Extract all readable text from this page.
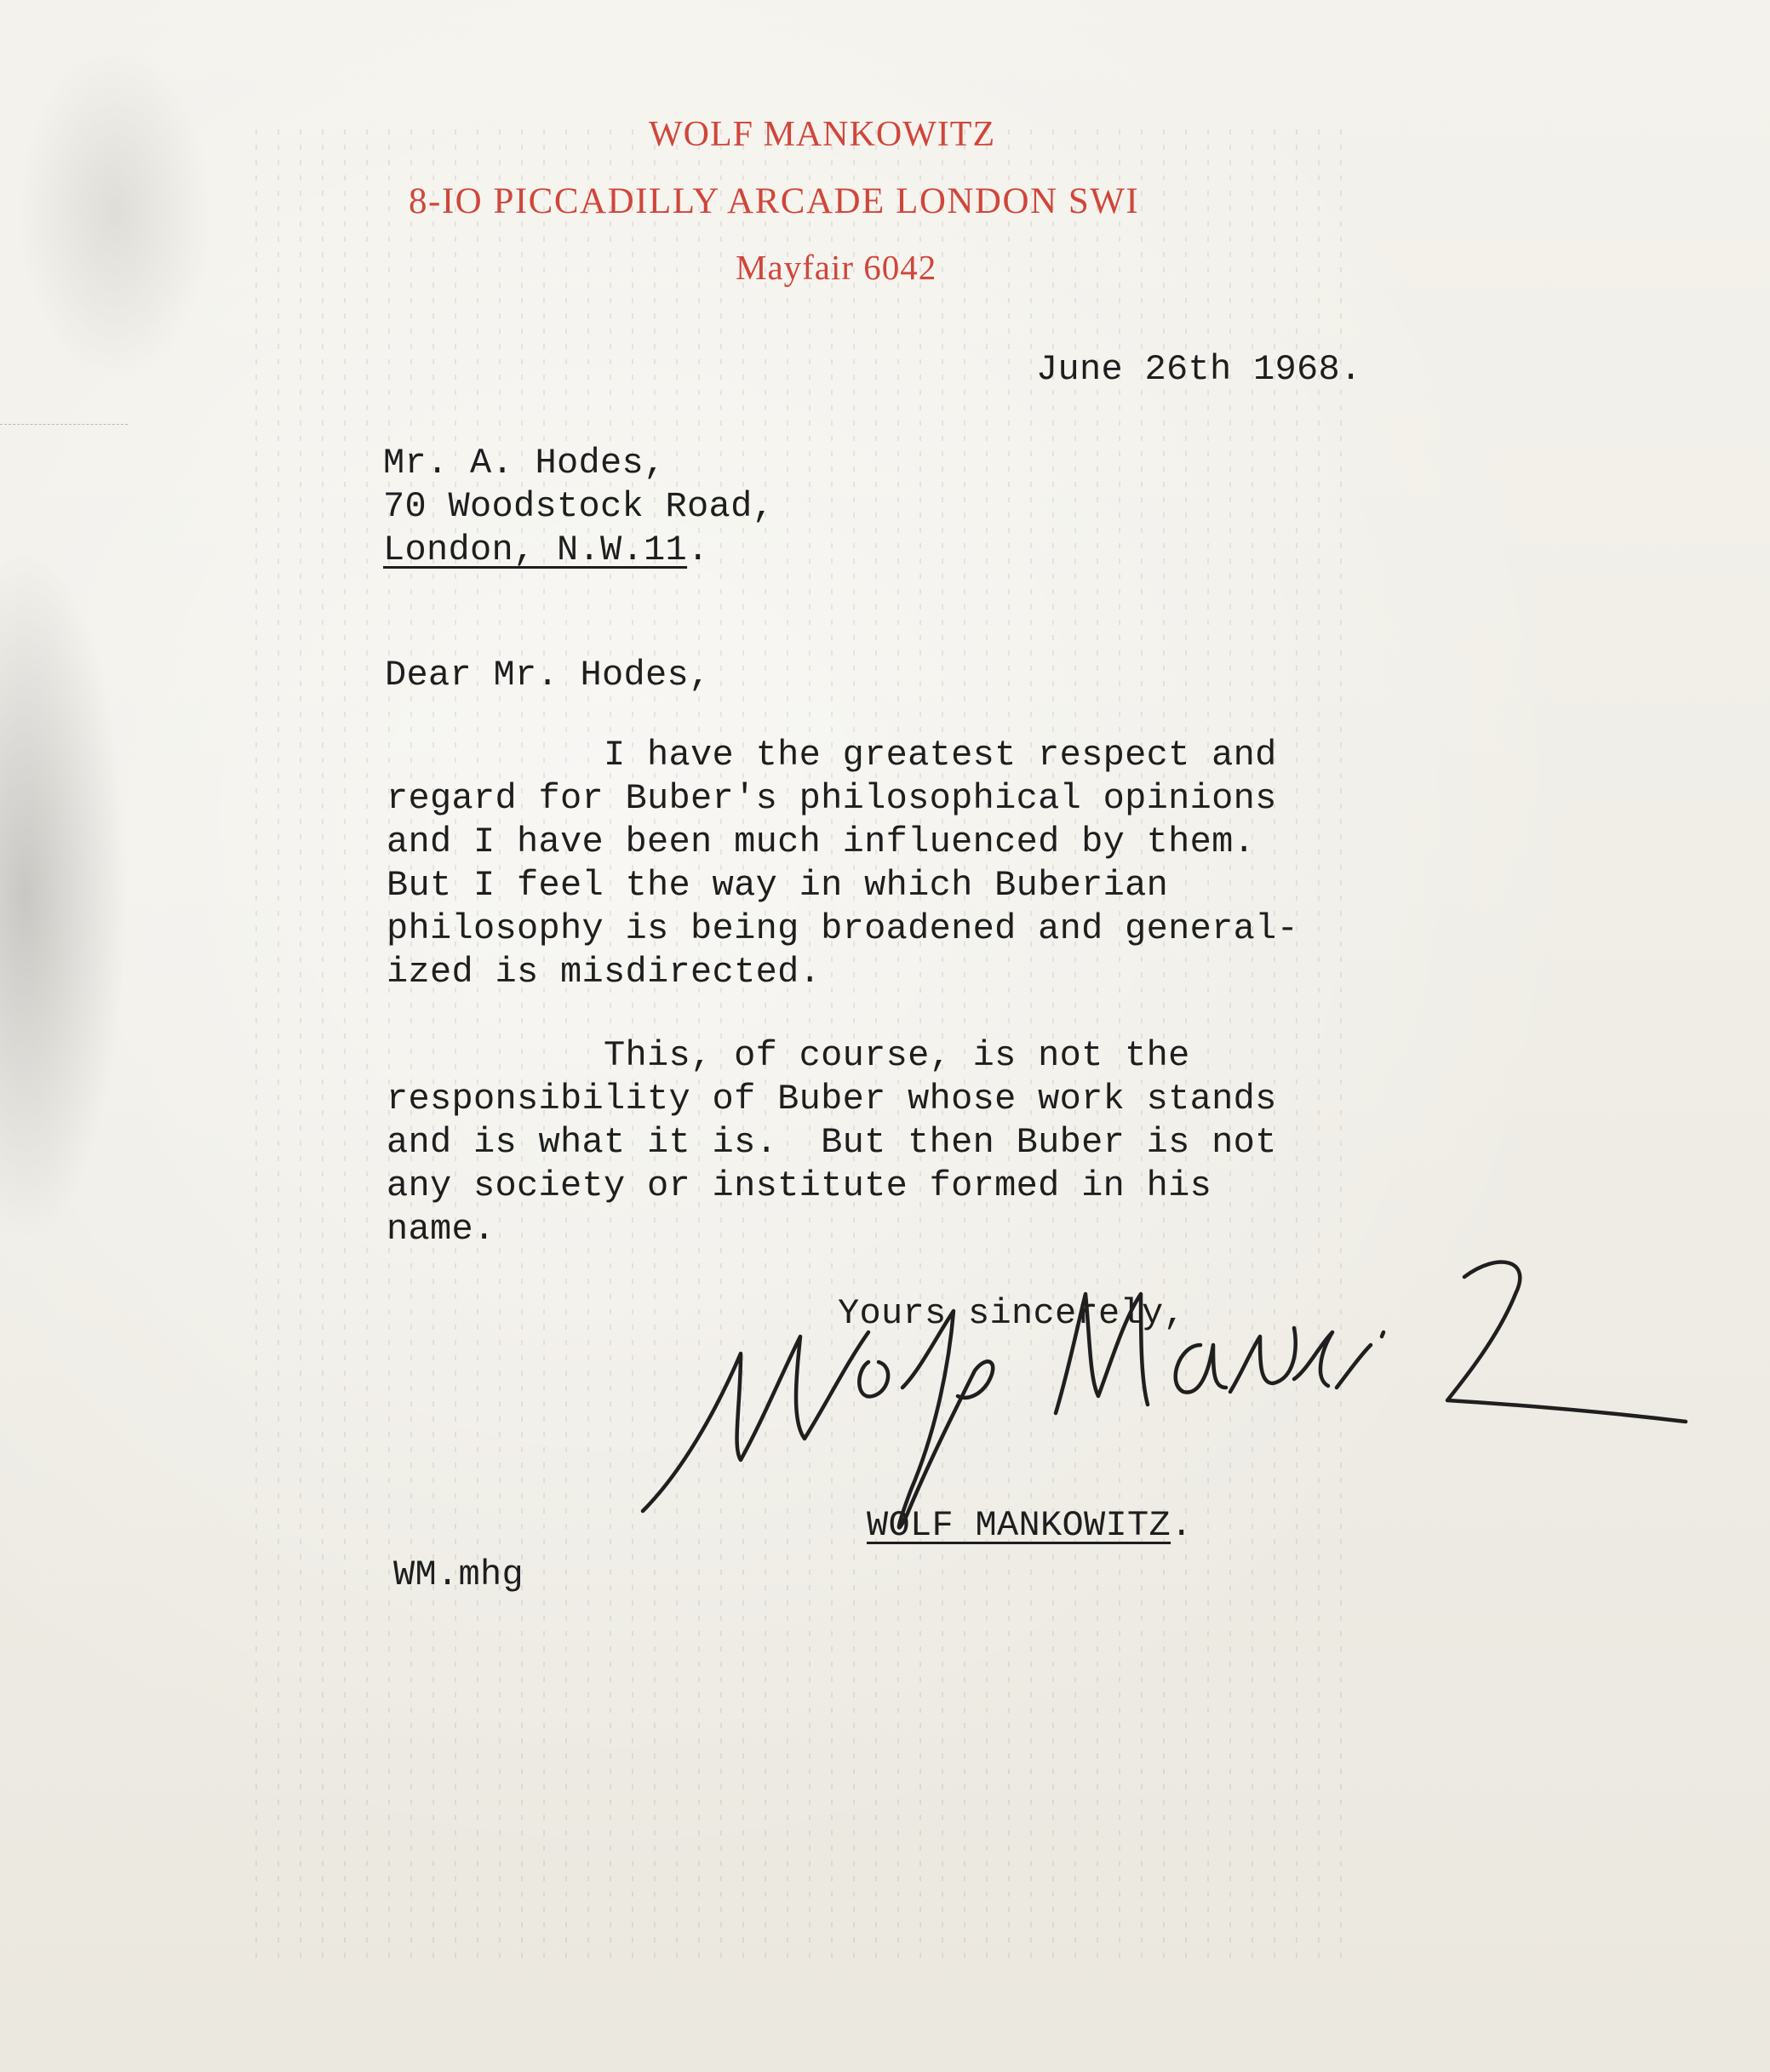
WOLF MANKOWITZ
8-IO PICCADILLY ARCADE LONDON SWI
Mayfair 6042
June 26th 1968.
Mr. A. Hodes,
70 Woodstock Road,
London, N.W.11.
Dear Mr. Hodes,
I have the greatest respect and
regard for Buber's philosophical opinions
and I have been much influenced by them.
But I feel the way in which Buberian
philosophy is being broadened and general-
ized is misdirected.
This, of course, is not the
responsibility of Buber whose work stands
and is what it is.  But then Buber is not
any society or institute formed in his
name.
Yours sincerely,
WOLF MANKOWITZ.
WM.mhg
